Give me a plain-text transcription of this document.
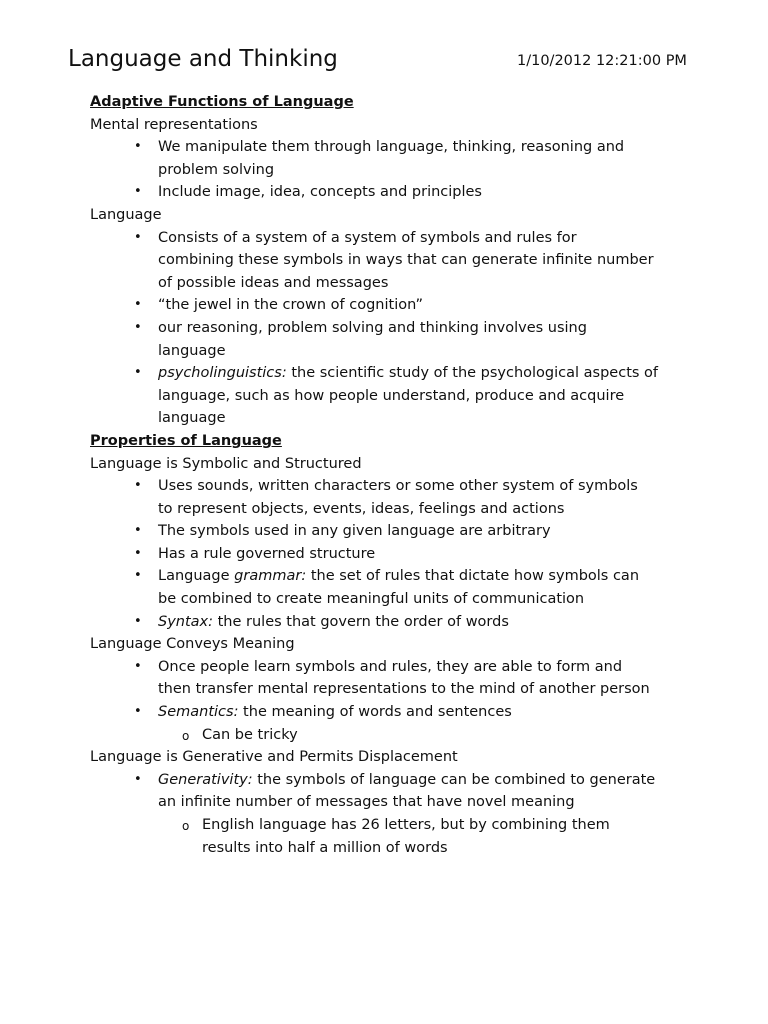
Language and Thinking	1/10/2012 12:21:00 PM
Adaptive Functions of Language
Mental representations
• We manipulate them through language, thinking, reasoning and
problem solving
• Include image, idea, concepts and principles
Language
• Consists of a system of a system of symbols and rules for
combining these symbols in ways that can generate infinite number
of possible ideas and messages
• “the jewel in the crown of cognition”
• our reasoning, problem solving and thinking involves using
language
• psycholinguistics: the scientific study of the psychological aspects of
language, such as how people understand, produce and acquire
language
Properties of Language
Language is Symbolic and Structured
• Uses sounds, written characters or some other system of symbols
to represent objects, events, ideas, feelings and actions
• The symbols used in any given language are arbitrary
• Has a rule governed structure
• Language grammar: the set of rules that dictate how symbols can
be combined to create meaningful units of communication
• Syntax: the rules that govern the order of words
Language Conveys Meaning
• Once people learn symbols and rules, they are able to form and
then transfer mental representations to the mind of another person
• Semantics: the meaning of words and sentences
o Can be tricky
Language is Generative and Permits Displacement
• Generativity: the symbols of language can be combined to generate
an infinite number of messages that have novel meaning
o English language has 26 letters, but by combining them
results into half a million of words
